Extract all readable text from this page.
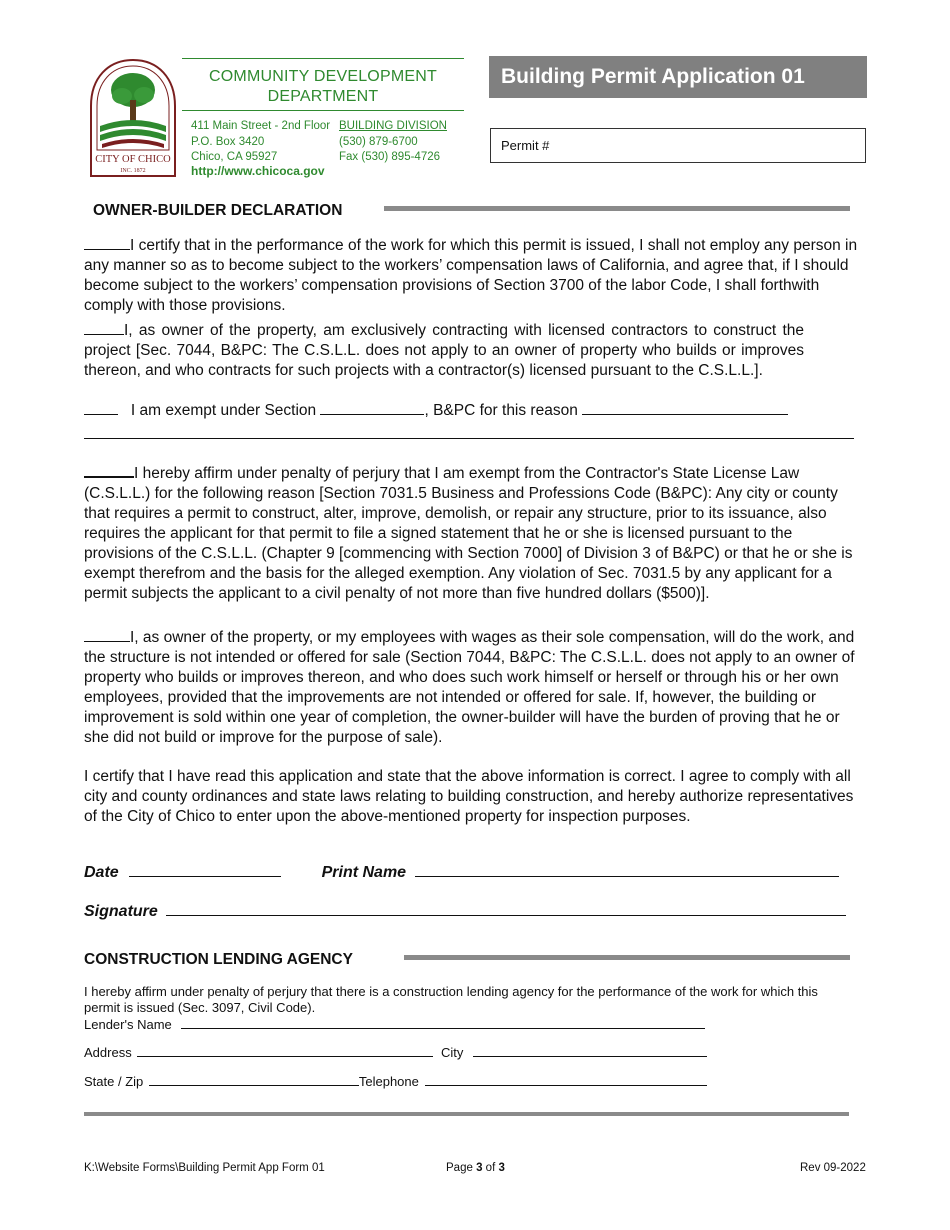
CITY OF CHICO
INC. 1872
COMMUNITY DEVELOPMENT
DEPARTMENT
411 Main Street - 2nd Floor
P.O. Box 3420
Chico, CA 95927
BUILDING DIVISION
(530) 879-6700
Fax (530) 895-4726
http://www.chicoca.gov
Building Permit Application 01
Permit #
OWNER-BUILDER DECLARATION
I certify that in the performance of the work for which this permit is issued, I shall not employ any person in any manner so as to become subject to the workers’ compensation laws of California, and agree that, if I should become subject to the workers’ compensation provisions of Section 3700 of the labor Code, I shall forthwith comply with those provisions.
I, as owner of the property, am exclusively contracting with licensed contractors to construct the project [Sec. 7044, B&PC: The C.S.L.L. does not apply to an owner of property who builds or improves thereon, and who contracts for such projects with a contractor(s) licensed pursuant to the C.S.L.L.].
I am exempt under Section	, B&PC for this reason
I hereby affirm under penalty of perjury that I am exempt from the Contractor's State License Law (C.S.L.L.) for the following reason [Section 7031.5 Business and Professions Code (B&PC): Any city or county that requires a permit to construct, alter, improve, demolish, or repair any structure, prior to its issuance, also requires the applicant for that permit to file a signed statement that he or she is licensed pursuant to the provisions of the C.S.L.L. (Chapter 9 [commencing with Section 7000] of Division 3 of B&PC) or that he or she is exempt therefrom and the basis for the alleged exemption. Any violation of Sec. 7031.5 by any applicant for a permit subjects the applicant to a civil penalty of not more than five hundred dollars ($500)].
I, as owner of the property, or my employees with wages as their sole compensation, will do the work, and the structure is not intended or offered for sale (Section 7044, B&PC: The C.S.L.L. does not apply to an owner of property who builds or improves thereon, and who does such work himself or herself or through his or her own employees, provided that the improvements are not intended or offered for sale. If, however, the building or improvement is sold within one year of completion, the owner-builder will have the burden of proving that he or she did not build or improve for the purpose of sale).
I certify that I have read this application and state that the above information is correct. I agree to comply with all city and county ordinances and state laws relating to building construction, and hereby authorize representatives of the City of Chico to enter upon the above-mentioned property for inspection purposes.
Date	Print Name
Signature
CONSTRUCTION LENDING AGENCY
I hereby affirm under penalty of perjury that there is a construction lending agency for the performance of the work for which this permit is issued (Sec. 3097, Civil Code).
Lender's Name
Address	City
State / Zip	Telephone
K:\Website Forms\Building Permit App Form 01	Page 3 of 3	Rev 09-2022
